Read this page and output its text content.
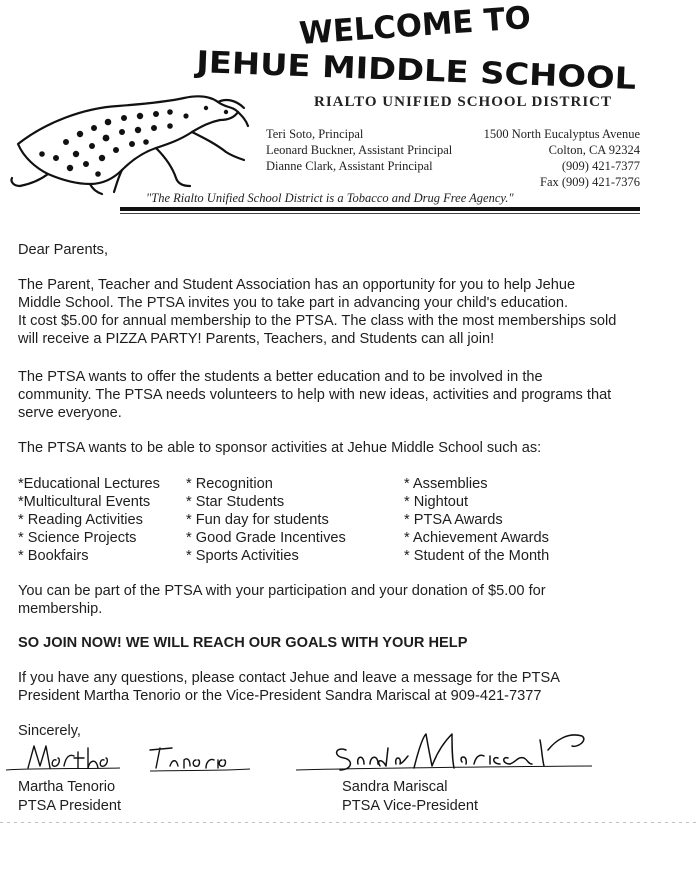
WELCOME TO
JEHUE MIDDLE SCHOOL
RIALTO UNIFIED SCHOOL DISTRICT
Teri Soto, Principal
Leonard Buckner, Assistant Principal
Dianne Clark, Assistant Principal
1500 North Eucalyptus Avenue
Colton, CA 92324
(909) 421-7377
Fax (909) 421-7376
"The Rialto Unified School District is a Tobacco and Drug Free Agency."
Dear Parents,
The Parent, Teacher and Student Association has an opportunity for you to help Jehue
Middle School. The PTSA invites you to take part in advancing your child's education.
It cost $5.00 for annual membership to the PTSA. The class with the most memberships sold
will receive a PIZZA PARTY! Parents, Teachers, and Students can all join!
The PTSA wants to offer the students a better education and to be involved in the
community. The PTSA needs volunteers to help with new ideas, activities and programs that
serve everyone.
The PTSA wants to be able to sponsor activities at Jehue Middle School such as:
*Educational Lectures
*Multicultural Events
* Reading Activities
* Science Projects
* Bookfairs
* Recognition
* Star Students
* Fun day for students
* Good Grade Incentives
* Sports Activities
* Assemblies
* Nightout
* PTSA Awards
* Achievement Awards
* Student of the Month
You can be part of the PTSA with your participation and your donation of $5.00 for
membership.
SO JOIN NOW! WE WILL REACH OUR GOALS WITH YOUR HELP
If you have any questions, please contact Jehue and leave a message for the PTSA
President Martha Tenorio or the Vice-President Sandra Mariscal at 909-421-7377
Sincerely,
Martha Tenorio
PTSA President
Sandra Mariscal
PTSA Vice-President
